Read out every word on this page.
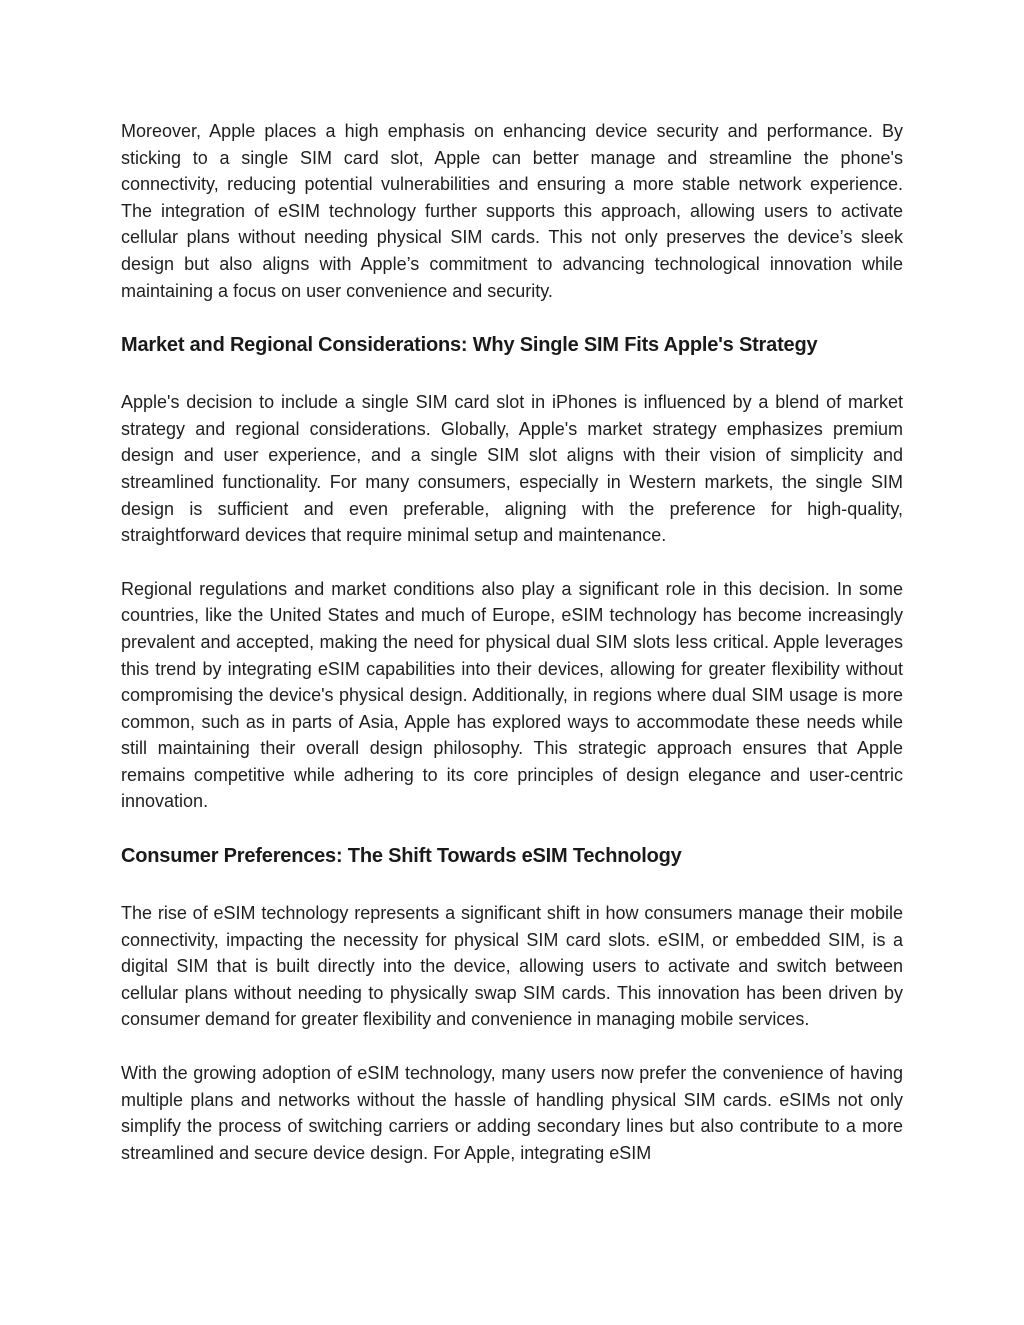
Moreover, Apple places a high emphasis on enhancing device security and performance. By sticking to a single SIM card slot, Apple can better manage and streamline the phone's connectivity, reducing potential vulnerabilities and ensuring a more stable network experience. The integration of eSIM technology further supports this approach, allowing users to activate cellular plans without needing physical SIM cards. This not only preserves the device’s sleek design but also aligns with Apple’s commitment to advancing technological innovation while maintaining a focus on user convenience and security.

Market and Regional Considerations: Why Single SIM Fits Apple's Strategy

Apple's decision to include a single SIM card slot in iPhones is influenced by a blend of market strategy and regional considerations. Globally, Apple's market strategy emphasizes premium design and user experience, and a single SIM slot aligns with their vision of simplicity and streamlined functionality. For many consumers, especially in Western markets, the single SIM design is sufficient and even preferable, aligning with the preference for high-quality, straightforward devices that require minimal setup and maintenance.

Regional regulations and market conditions also play a significant role in this decision. In some countries, like the United States and much of Europe, eSIM technology has become increasingly prevalent and accepted, making the need for physical dual SIM slots less critical. Apple leverages this trend by integrating eSIM capabilities into their devices, allowing for greater flexibility without compromising the device's physical design. Additionally, in regions where dual SIM usage is more common, such as in parts of Asia, Apple has explored ways to accommodate these needs while still maintaining their overall design philosophy. This strategic approach ensures that Apple remains competitive while adhering to its core principles of design elegance and user-centric innovation.

Consumer Preferences: The Shift Towards eSIM Technology

The rise of eSIM technology represents a significant shift in how consumers manage their mobile connectivity, impacting the necessity for physical SIM card slots. eSIM, or embedded SIM, is a digital SIM that is built directly into the device, allowing users to activate and switch between cellular plans without needing to physically swap SIM cards. This innovation has been driven by consumer demand for greater flexibility and convenience in managing mobile services.

With the growing adoption of eSIM technology, many users now prefer the convenience of having multiple plans and networks without the hassle of handling physical SIM cards. eSIMs not only simplify the process of switching carriers or adding secondary lines but also contribute to a more streamlined and secure device design. For Apple, integrating eSIM
